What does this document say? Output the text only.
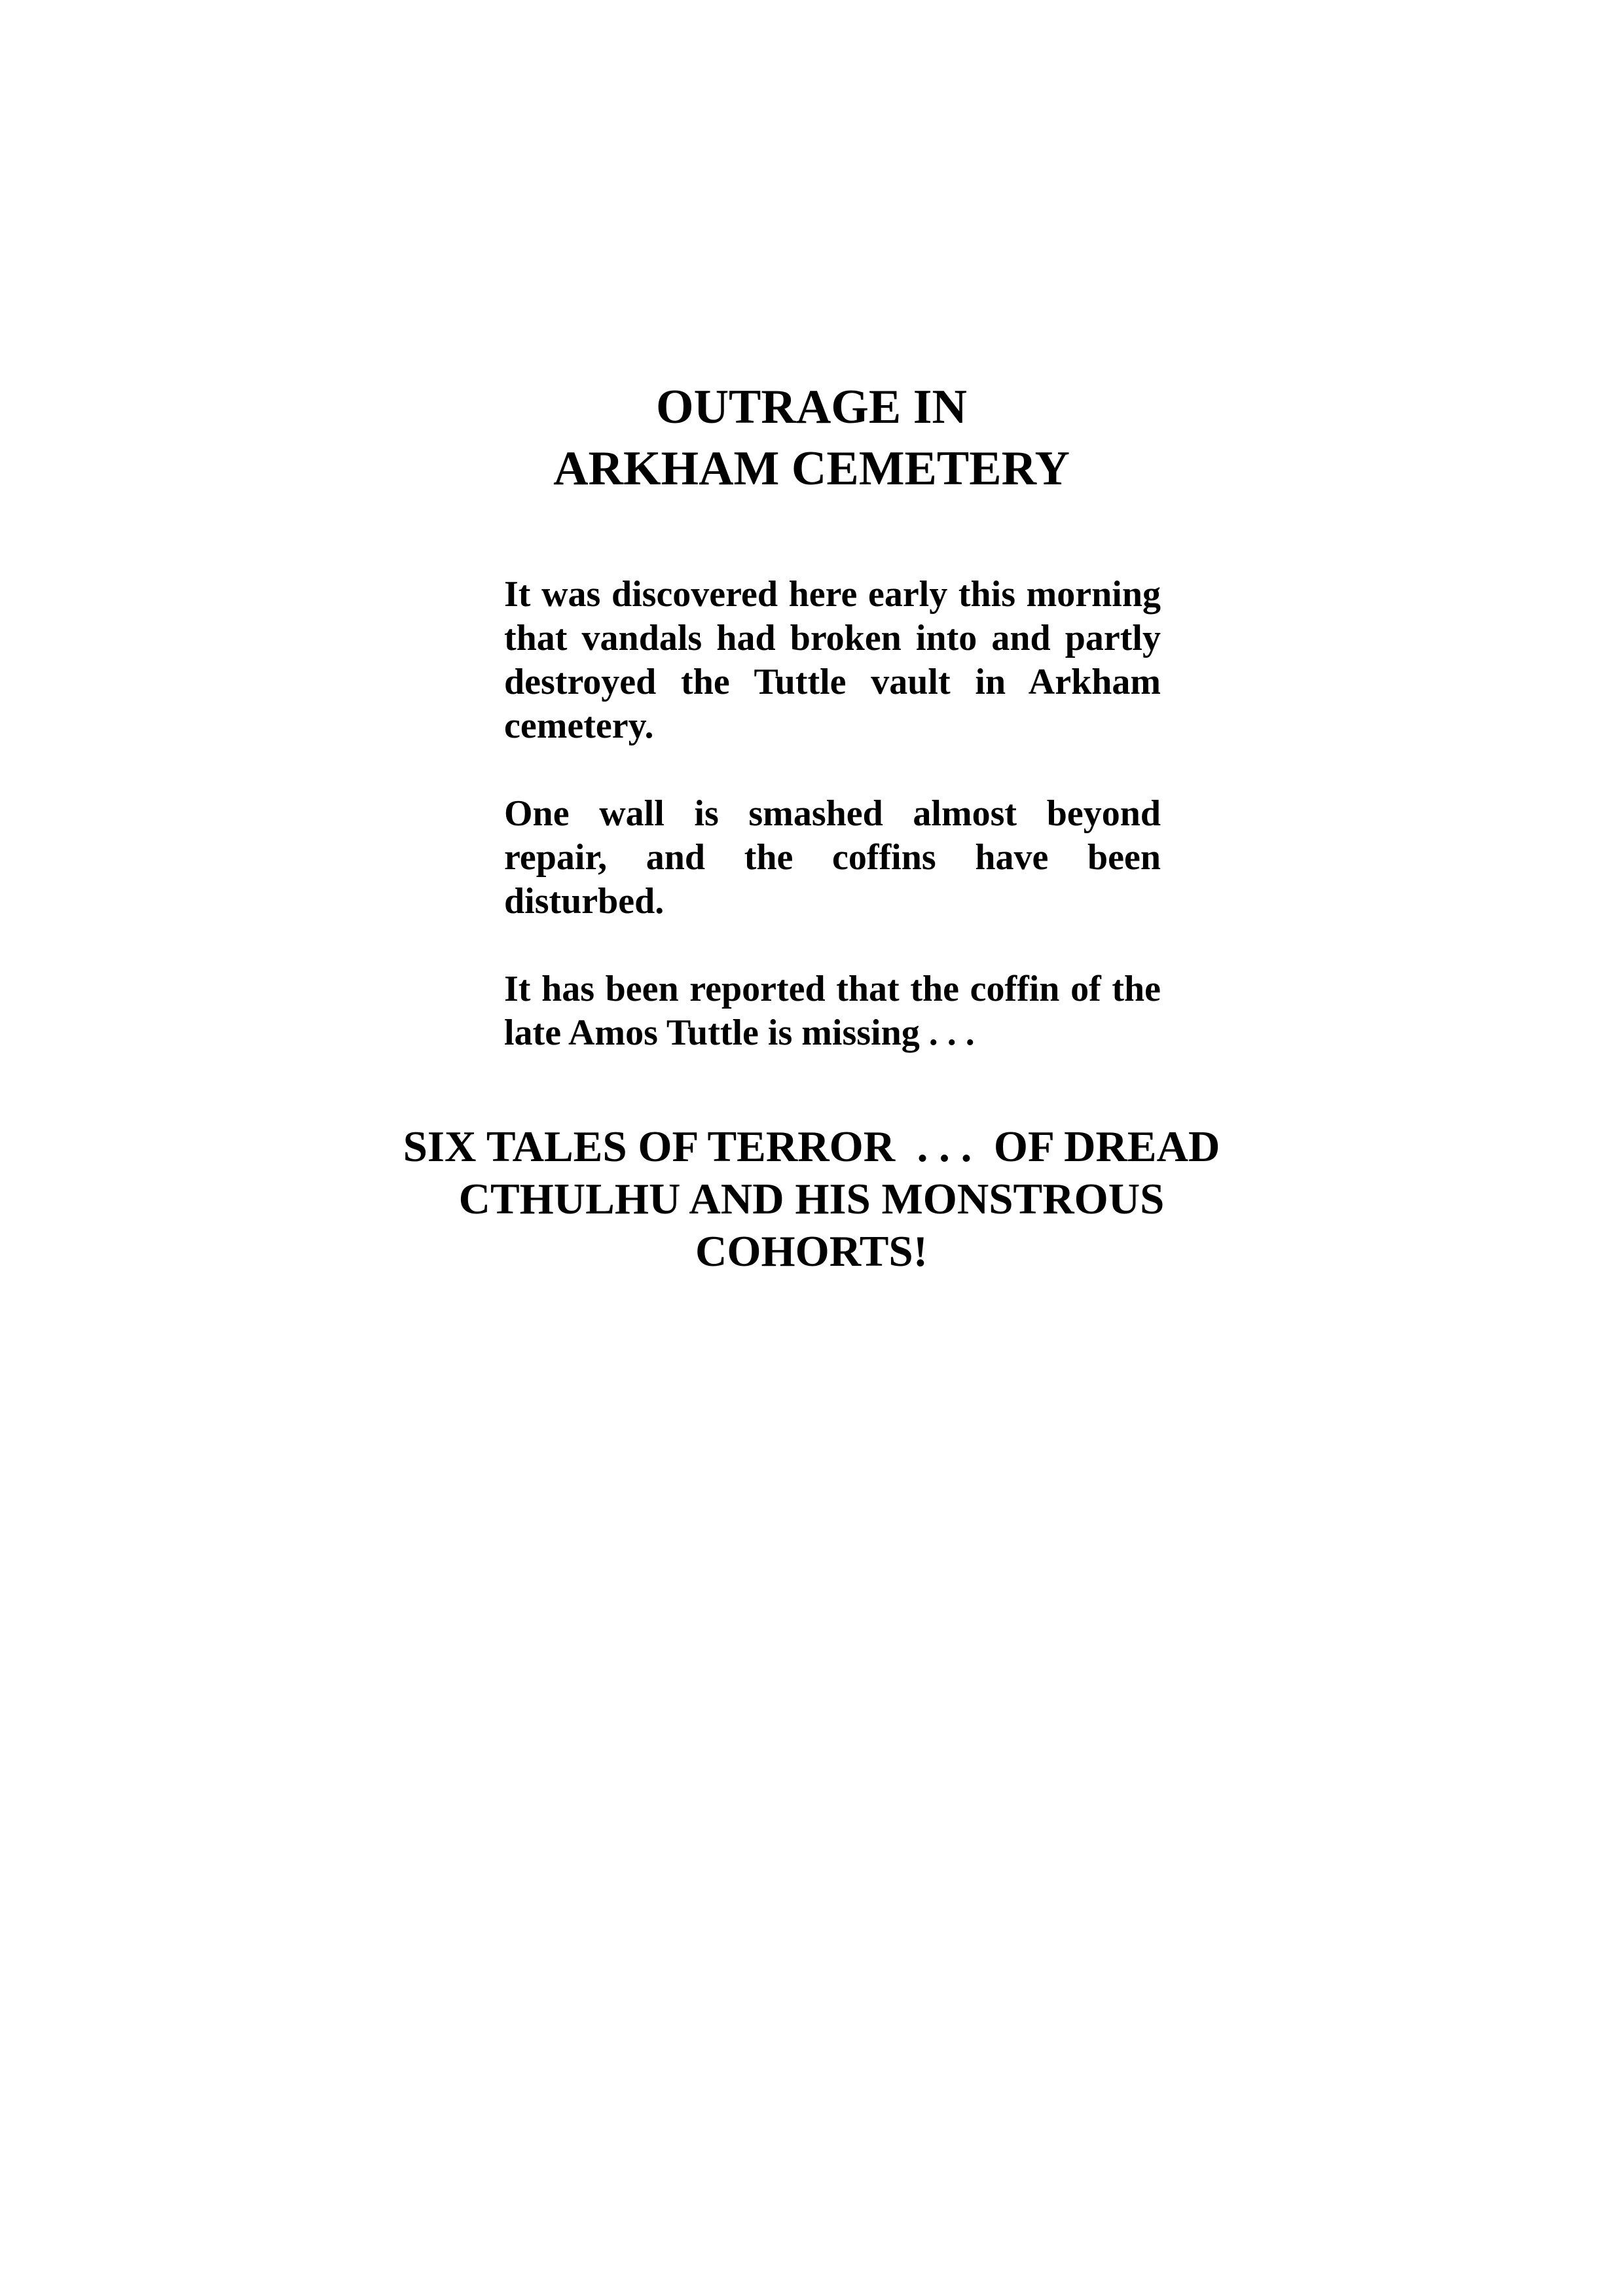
OUTRAGE IN
ARKHAM CEMETERY

It was discovered here early this morning that vandals had broken into and partly destroyed the Tuttle vault in Arkham cemetery.

One wall is smashed almost beyond repair, and the coffins have been disturbed.

It has been reported that the coffin of the late Amos Tuttle is missing . . .

SIX TALES OF TERROR  . . .  OF DREAD
CTHULHU AND HIS MONSTROUS
COHORTS!
